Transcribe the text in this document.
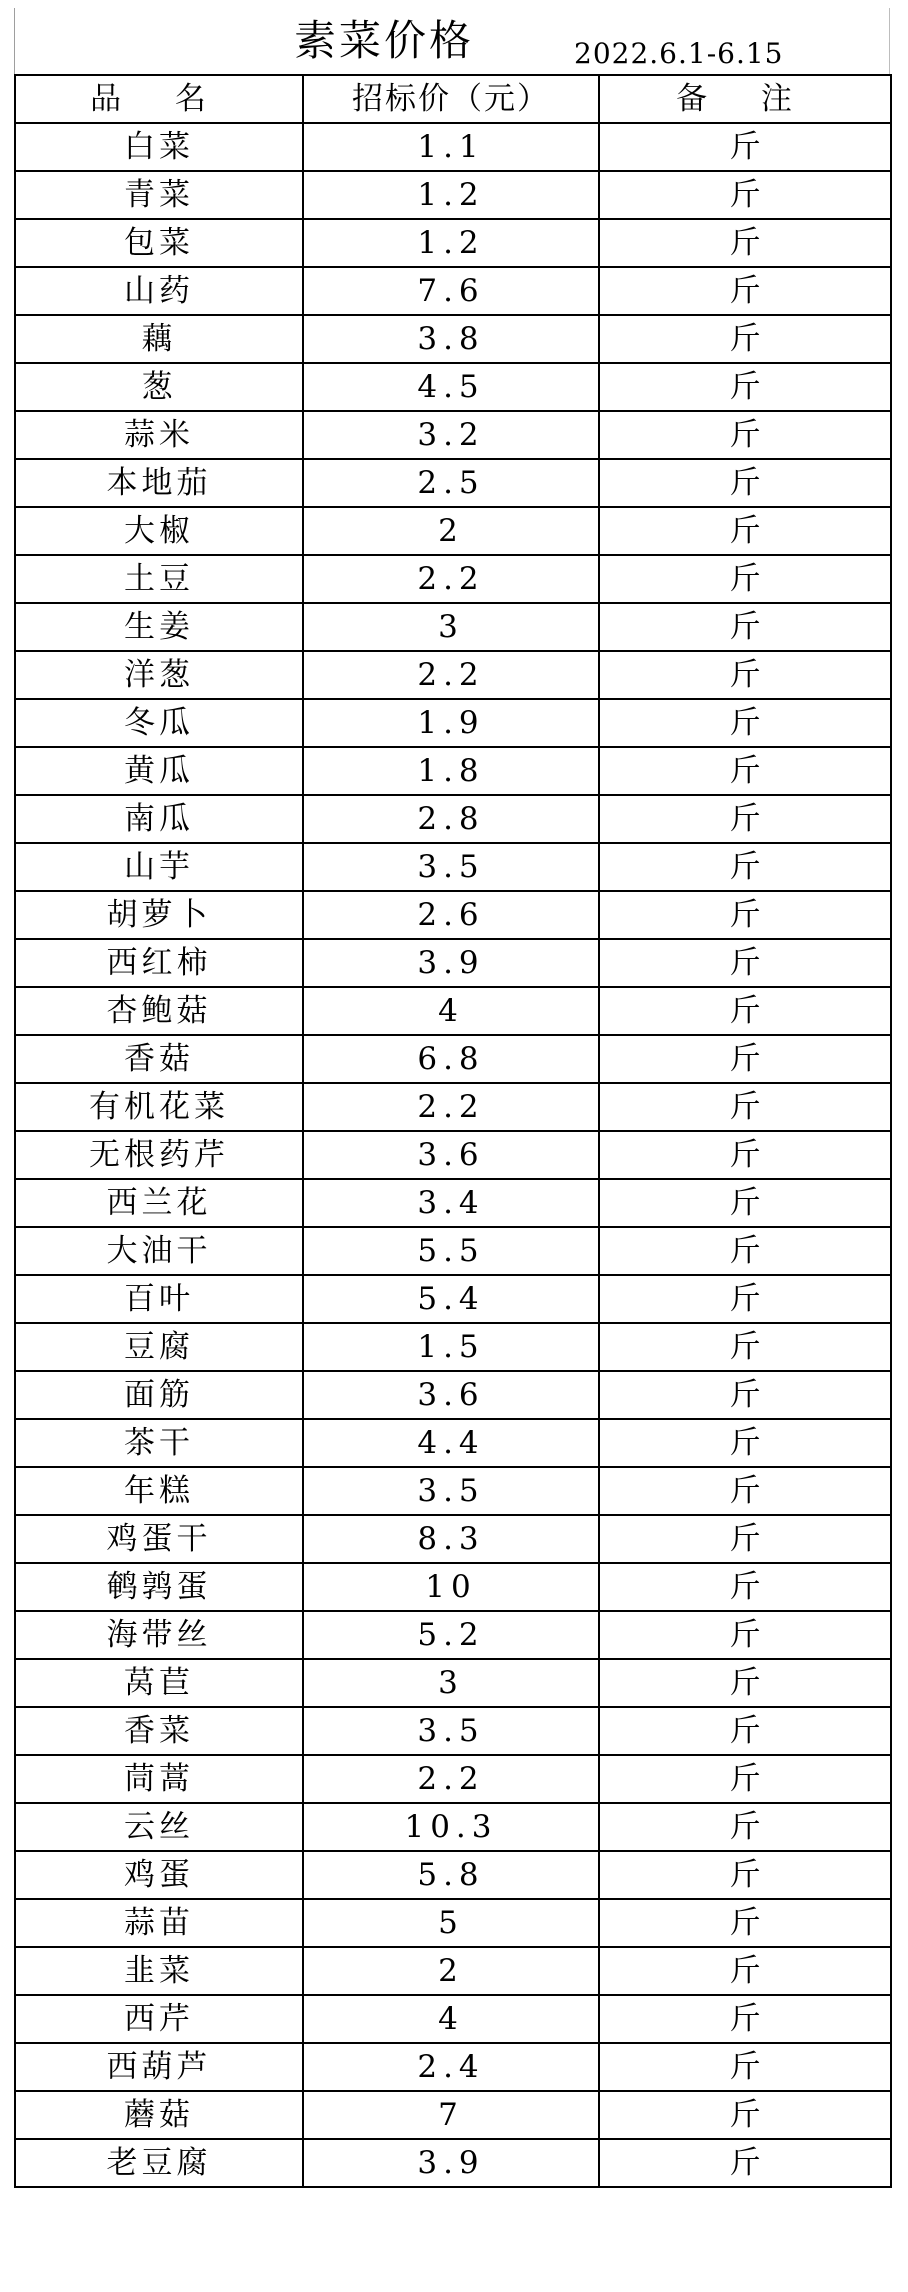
素菜价格	2022.6.1-6.15
品 名	招标价（元）	备 注
白菜	1.1	斤
青菜	1.2	斤
包菜	1.2	斤
山药	7.6	斤
藕	3.8	斤
葱	4.5	斤
蒜米	3.2	斤
本地茄	2.5	斤
大椒	2	斤
土豆	2.2	斤
生姜	3	斤
洋葱	2.2	斤
冬瓜	1.9	斤
黄瓜	1.8	斤
南瓜	2.8	斤
山芋	3.5	斤
胡萝卜	2.6	斤
西红柿	3.9	斤
杏鲍菇	4	斤
香菇	6.8	斤
有机花菜	2.2	斤
无根药芹	3.6	斤
西兰花	3.4	斤
大油干	5.5	斤
百叶	5.4	斤
豆腐	1.5	斤
面筋	3.6	斤
茶干	4.4	斤
年糕	3.5	斤
鸡蛋干	8.3	斤
鹌鹑蛋	10	斤
海带丝	5.2	斤
莴苣	3	斤
香菜	3.5	斤
茼蒿	2.2	斤
云丝	10.3	斤
鸡蛋	5.8	斤
蒜苗	5	斤
韭菜	2	斤
西芹	4	斤
西葫芦	2.4	斤
蘑菇	7	斤
老豆腐	3.9	斤
